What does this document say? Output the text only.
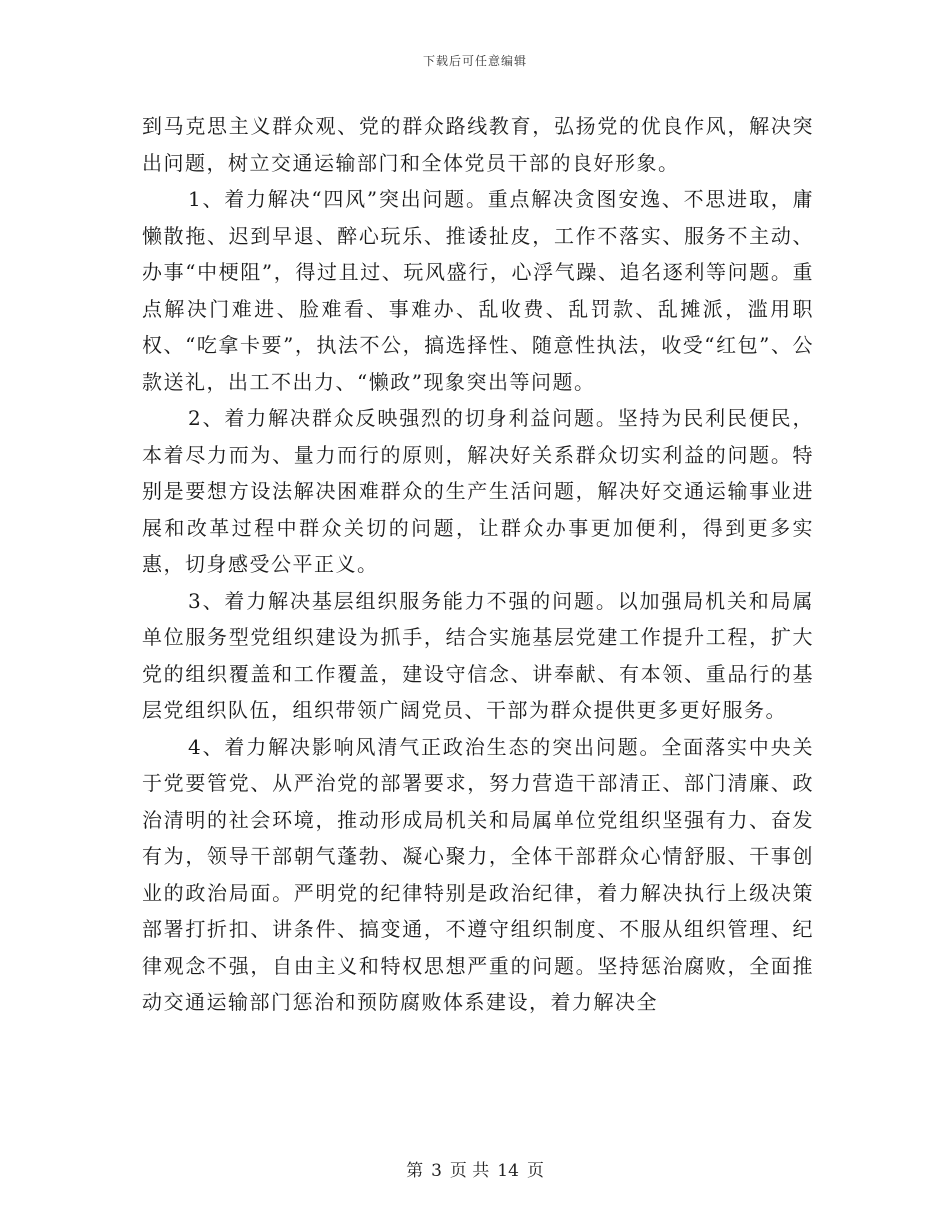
下载后可任意编辑

到马克思主义群众观、党的群众路线教育，弘扬党的优良作风，解决突出问题，树立交通运输部门和全体党员干部的良好形象。

1、着力解决“四风”突出问题。重点解决贪图安逸、不思进取，庸懒散拖、迟到早退、醉心玩乐、推诿扯皮，工作不落实、服务不主动、办事“中梗阻”，得过且过、玩风盛行，心浮气躁、追名逐利等问题。重点解决门难进、脸难看、事难办、乱收费、乱罚款、乱摊派，滥用职权、“吃拿卡要”，执法不公，搞选择性、随意性执法，收受“红包”、公款送礼，出工不出力、“懒政”现象突出等问题。

2、着力解决群众反映强烈的切身利益问题。坚持为民利民便民，本着尽力而为、量力而行的原则，解决好关系群众切实利益的问题。特别是要想方设法解决困难群众的生产生活问题，解决好交通运输事业进展和改革过程中群众关切的问题，让群众办事更加便利，得到更多实惠，切身感受公平正义。

3、着力解决基层组织服务能力不强的问题。以加强局机关和局属单位服务型党组织建设为抓手，结合实施基层党建工作提升工程，扩大党的组织覆盖和工作覆盖，建设守信念、讲奉献、有本领、重品行的基层党组织队伍，组织带领广阔党员、干部为群众提供更多更好服务。

4、着力解决影响风清气正政治生态的突出问题。全面落实中央关于党要管党、从严治党的部署要求，努力营造干部清正、部门清廉、政治清明的社会环境，推动形成局机关和局属单位党组织坚强有力、奋发有为，领导干部朝气蓬勃、凝心聚力，全体干部群众心情舒服、干事创业的政治局面。严明党的纪律特别是政治纪律，着力解决执行上级决策部署打折扣、讲条件、搞变通，不遵守组织制度、不服从组织管理、纪律观念不强，自由主义和特权思想严重的问题。坚持惩治腐败，全面推动交通运输部门惩治和预防腐败体系建设，着力解决全

第 3 页 共 14 页
